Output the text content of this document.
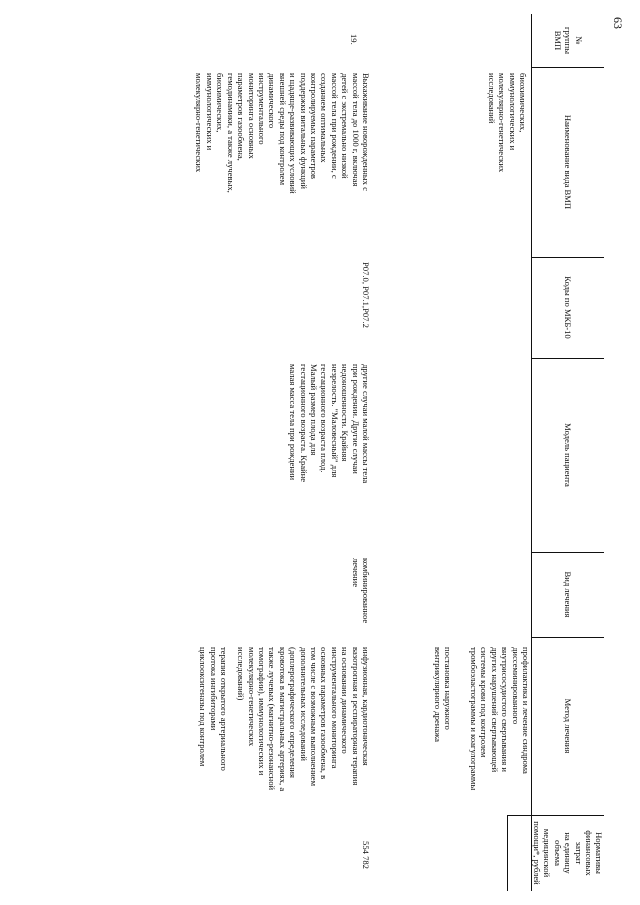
63
№
группы
ВМП
Наименование вида ВМП
Коды по МКБ-10
Модель пациента
Вид лечения
Метод лечения
Нормативы
финансовых затрат
на единицу объема
медицинской
помощи*, рублей
биохимических,
иммунологических и
молекулярно-генетических
исследований
профилактика и лечение синдрома
диссеминированного
внутрисосудистого свертывания и
других нарушений свертывающей
системы крови под контролем
тромбоэластограммы и коагулограммы
постановка наружного
вентрикулярного дренажа
19.
Выхаживание новорожденных с
массой тела до 1000 г, включая
детей с экстремально низкой
массой тела при рождении, с
созданием оптимальных
контролируемых параметров
поддержки витальных функций
и щадяще-развивающих условий
внешней среды под контролем
динамического
инструментального
мониторинга основных
параметров газообмена,
гемодинамики, а также лучевых,
биохимических,
иммунологических и
молекулярно-генетических
P07.0, P07.1,P07.2
другие случаи малой массы тела
при рождении. Другие случаи
недоношенности. Крайняя
незрелость. "Маловесный" для
гестационного возраста плод.
Малый размер плода для
гестационного возраста. Крайне
малая масса тела при рождении
комбинированное
лечение
инфузионная, кардиотоническая
вазотропная и респираторная терапия
на основании динамического
инструментального мониторинга
основных параметров газообмена, в
том числе с возможным выполнением
дополнительных исследований
(доплерографического определения
кровотока в магистральных артериях, а
также лучевых (магнитно-резонансной
томографии), иммунологических и
молекулярно-генетических
исследований)
терапия открытого артериального
протока ингибиторами
циклооксигеназы под контролем
554 782
